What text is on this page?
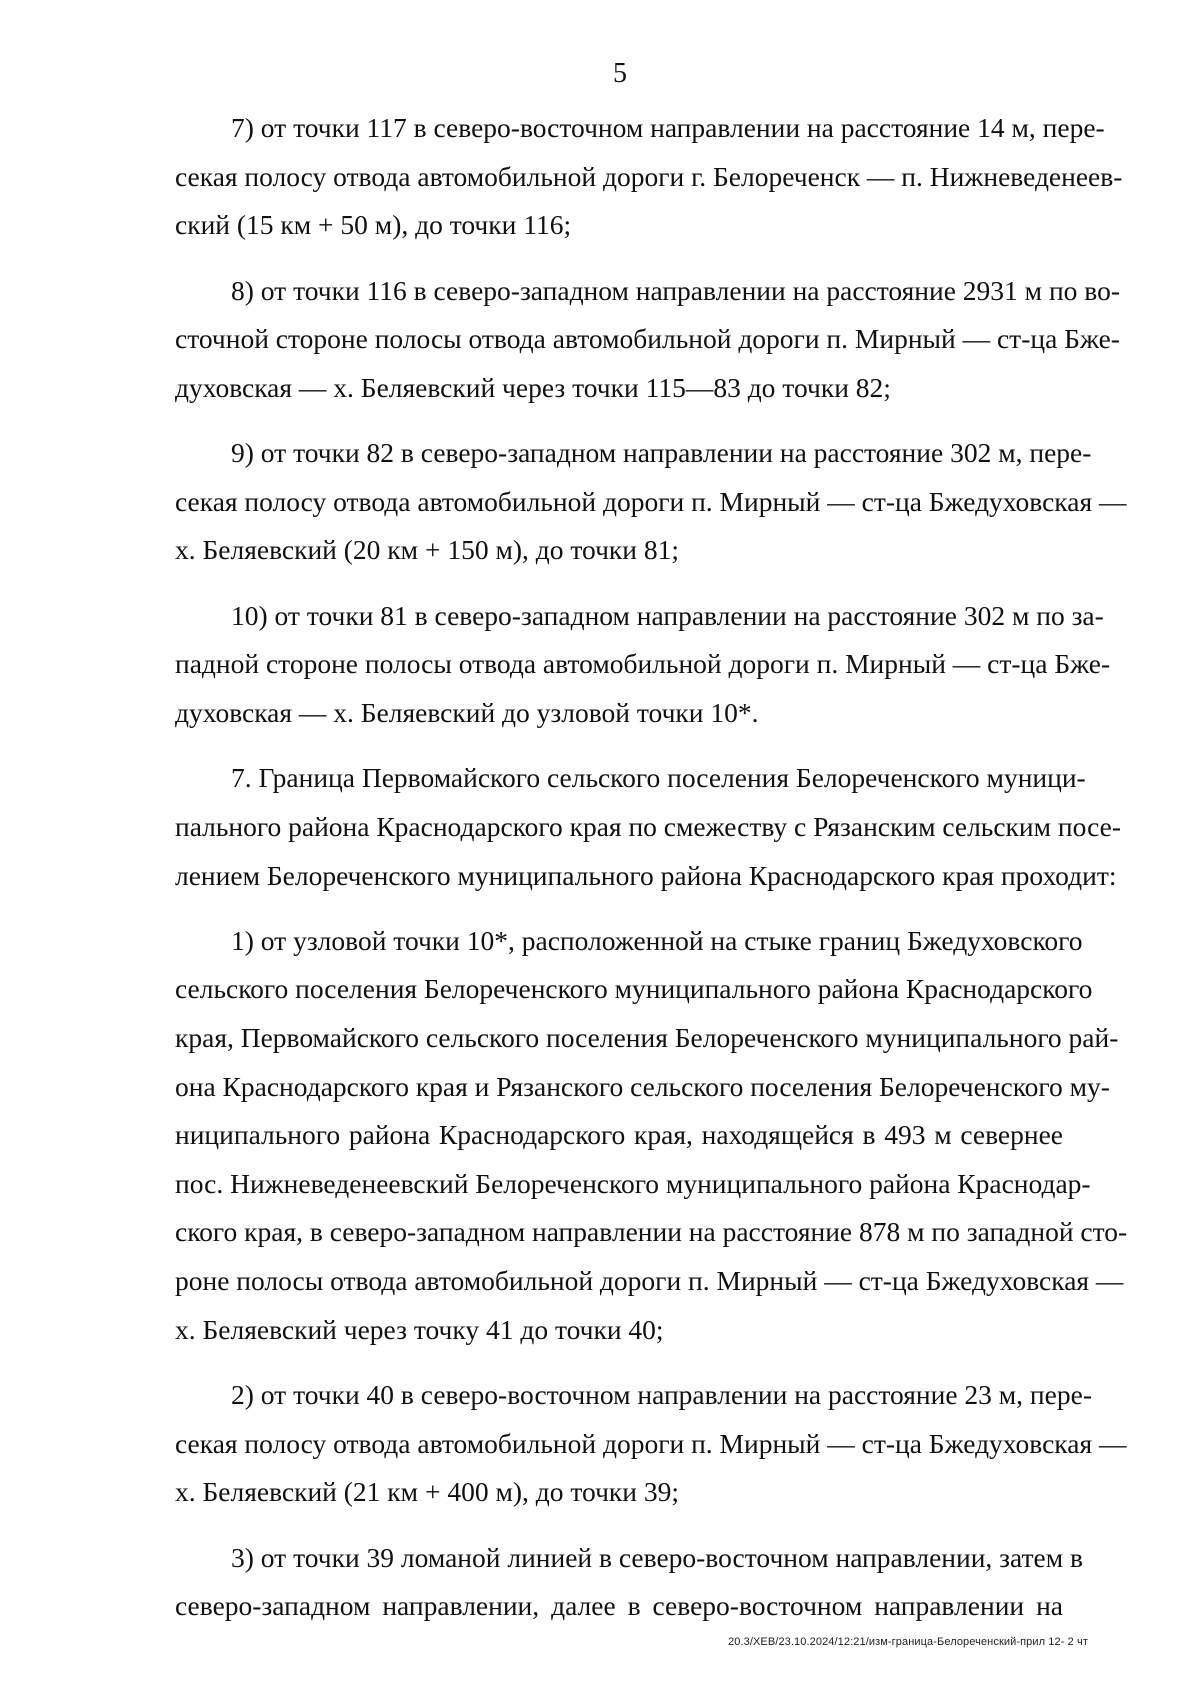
5
7) от точки 117 в северо-восточном направлении на расстояние 14 м, пере-
секая полосу отвода автомобильной дороги г. Белореченск — п. Нижневеденеев-
ский (15 км + 50 м), до точки 116;
8) от точки 116 в северо-западном направлении на расстояние 2931 м по во-
сточной стороне полосы отвода автомобильной дороги п. Мирный — ст-ца Бже-
духовская — х. Беляевский через точки 115—83 до точки 82;
9) от точки 82 в северо-западном направлении на расстояние 302 м, пере-
секая полосу отвода автомобильной дороги п. Мирный — ст-ца Бжедуховская —
х. Беляевский (20 км + 150 м), до точки 81;
10) от точки 81 в северо-западном направлении на расстояние 302 м по за-
падной стороне полосы отвода автомобильной дороги п. Мирный — ст-ца Бже-
духовская — х. Беляевский до узловой точки 10*.
7. Граница Первомайского сельского поселения Белореченского муници-
пального района Краснодарского края по смежеству с Рязанским сельским посе-
лением Белореченского муниципального района Краснодарского края проходит:
1) от узловой точки 10*, расположенной на стыке границ Бжедуховского
сельского поселения Белореченского муниципального района Краснодарского
края, Первомайского сельского поселения Белореченского муниципального рай-
она Краснодарского края и Рязанского сельского поселения Белореченского му-
ниципального района Краснодарского края, находящейся в 493 м севернее
пос. Нижневеденеевский Белореченского муниципального района Краснодар-
ского края, в северо-западном направлении на расстояние 878 м по западной сто-
роне полосы отвода автомобильной дороги п. Мирный — ст-ца Бжедуховская —
х. Беляевский через точку 41 до точки 40;
2) от точки 40 в северо-восточном направлении на расстояние 23 м, пере-
секая полосу отвода автомобильной дороги п. Мирный — ст-ца Бжедуховская —
х. Беляевский (21 км + 400 м), до точки 39;
3) от точки 39 ломаной линией в северо-восточном направлении, затем в
северо-западном направлении, далее в северо-восточном направлении на
20.3/ХЕВ/23.10.2024/12:21/изм-граница-Белореченский-прил 12- 2 чт
